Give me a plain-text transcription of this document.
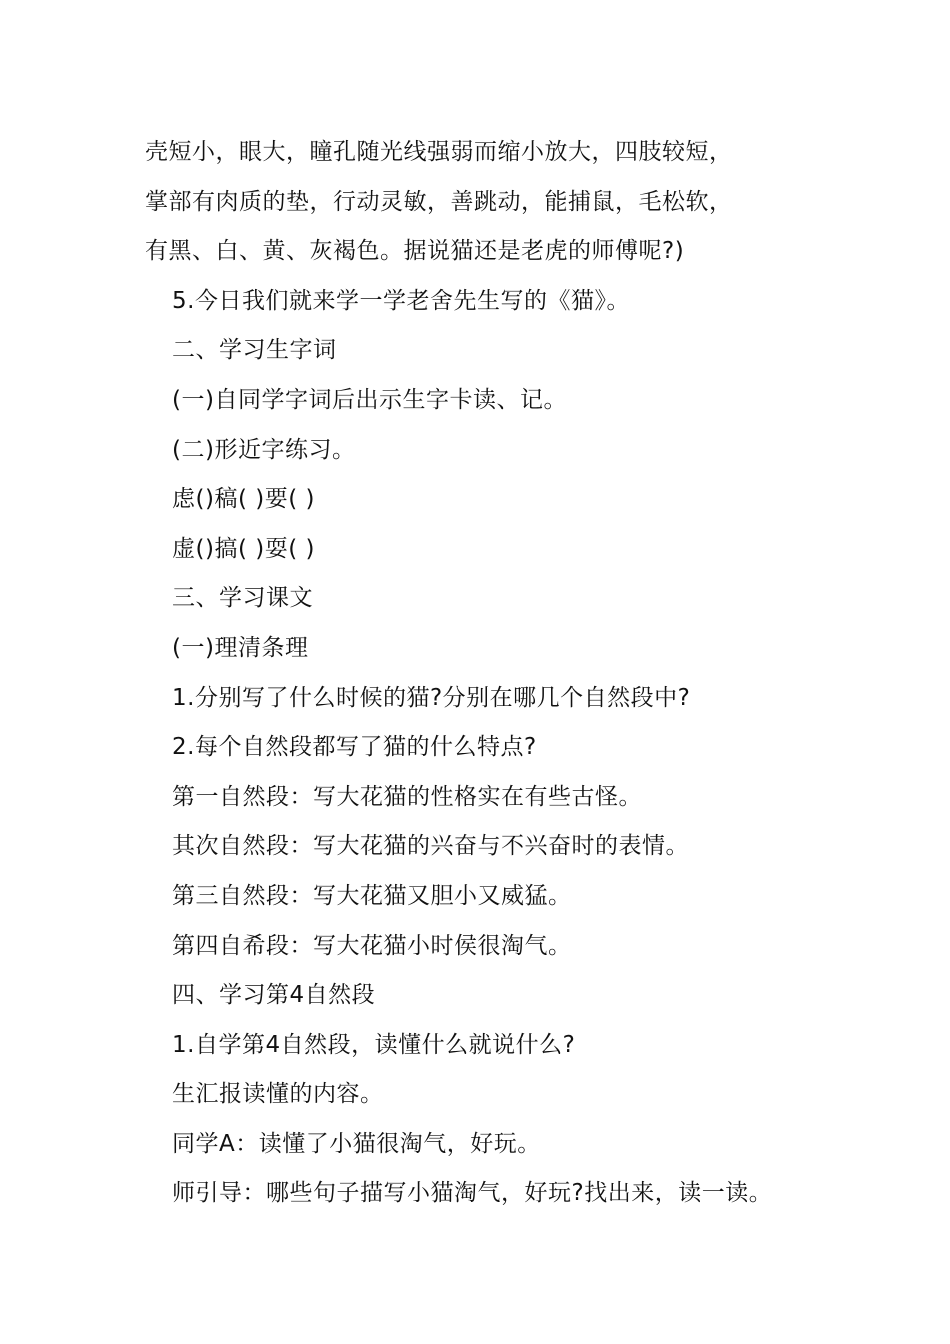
壳短小，眼大，瞳孔随光线强弱而缩小放大，四肢较短，
掌部有肉质的垫，行动灵敏，善跳动，能捕鼠，毛松软，
有黑、白、黄、灰褐色。据说猫还是老虎的师傅呢?)
5.今日我们就来学一学老舍先生写的《猫》。
二、学习生字词
(一)自同学字词后出示生字卡读、记。
(二)形近字练习。
虑()稿( )要( )
虚()搞( )耍( )
三、学习课文
(一)理清条理
1.分别写了什么时候的猫?分别在哪几个自然段中?
2.每个自然段都写了猫的什么特点?
第一自然段：写大花猫的性格实在有些古怪。
其次自然段：写大花猫的兴奋与不兴奋时的表情。
第三自然段：写大花猫又胆小又威猛。
第四自希段：写大花猫小时侯很淘气。
四、学习第4自然段
1.自学第4自然段，读懂什么就说什么?
生汇报读懂的内容。
同学A：读懂了小猫很淘气，好玩。
师引导：哪些句子描写小猫淘气，好玩?找出来，读一读。
